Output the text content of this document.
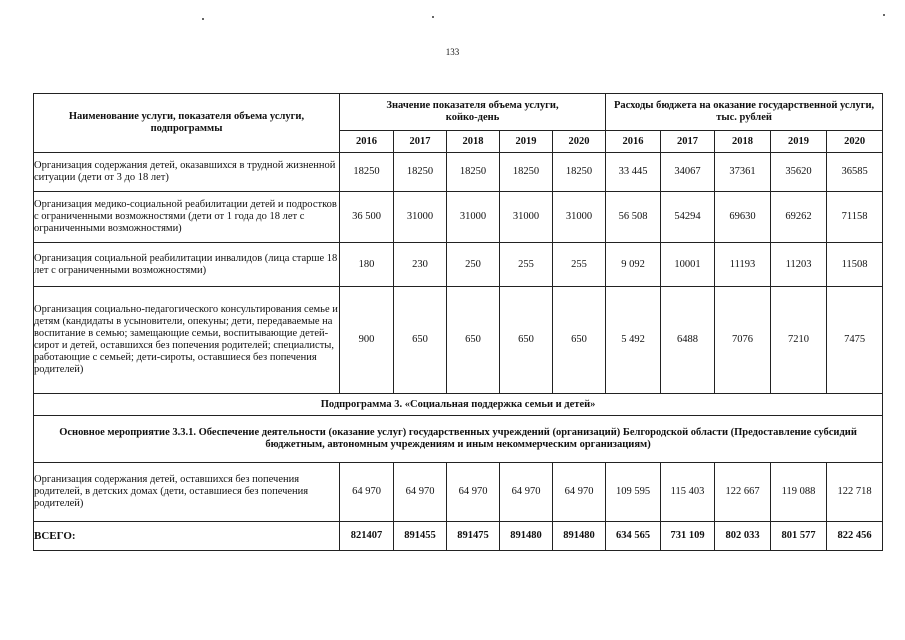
133
Наименование услуги, показателя объема услуги, подпрограммы	Значение показателя объема услуги, койко-день					Расходы бюджета на оказание государственной услуги, тыс. рублей				
	2016	2017	2018	2019	2020	2016	2017	2018	2019	2020
Организация содержания детей, оказавшихся в трудной жизненной ситуации (дети от 3 до 18 лет)	18250	18250	18250	18250	18250	33 445	34067	37361	35620	36585
Организация медико-социальной реабилитации детей и подростков с ограниченными возможностями (дети от 1 года до 18 лет с ограниченными возможностями)	36 500	31000	31000	31000	31000	56 508	54294	69630	69262	71158
Организация социальной реабилитации инвалидов (лица старше 18 лет с ограниченными возможностями)	180	230	250	255	255	9 092	10001	11193	11203	11508
Организация социально-педагогического консультирования семье и детям (кандидаты в усыновители, опекуны; дети, передаваемые на воспитание в семью; замещающие семьи, воспитывающие детей-сирот и детей, оставшихся без попечения родителей; специалисты, работающие с семьей; дети-сироты, оставшиеся без попечения родителей)	900	650	650	650	650	5 492	6488	7076	7210	7475
Подпрограмма 3. «Социальная поддержка семьи и детей»										
Основное мероприятие 3.3.1. Обеспечение деятельности (оказание услуг) государственных учреждений (организаций) Белгородской области (Предоставление субсидий бюджетным, автономным учреждениям и иным некоммерческим организациям)										
Организация содержания детей, оставшихся без попечения родителей, в детских домах (дети, оставшиеся без попечения родителей)	64 970	64 970	64 970	64 970	64 970	109 595	115 403	122 667	119 088	122 718
ВСЕГО:	821407	891455	891475	891480	891480	634 565	731 109	802 033	801 577	822 456
